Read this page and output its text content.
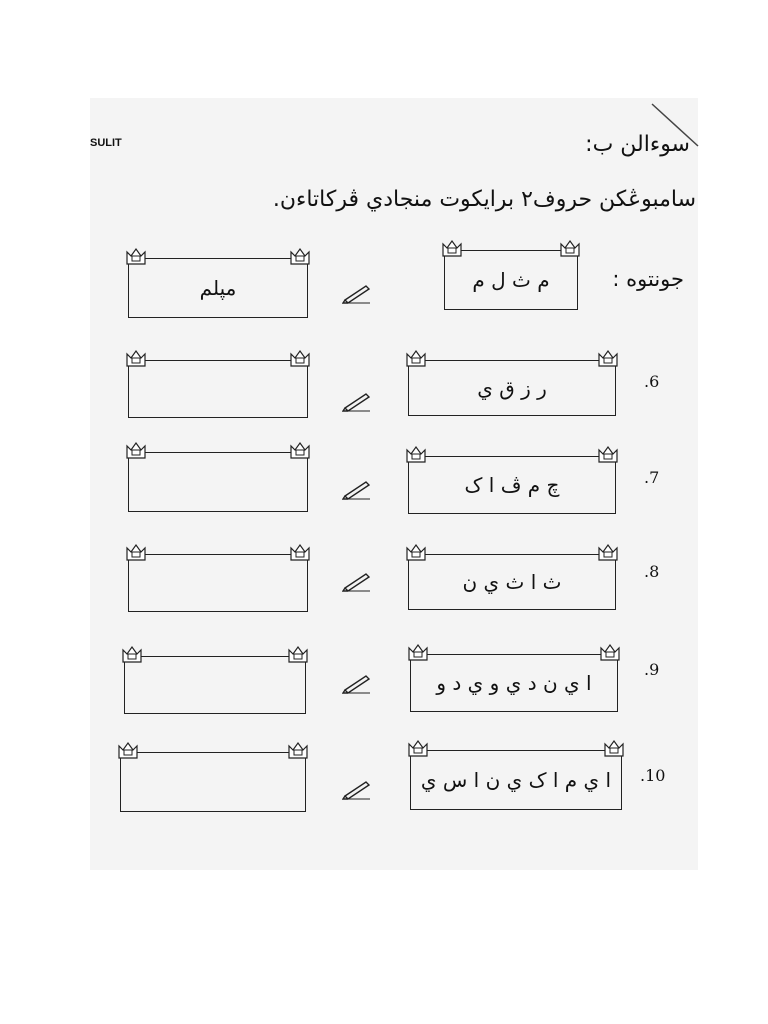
SULIT	سوءالن ب:
سامبوڠكن حروف٢ برايكوت منجادي ڤركاتاءن.
جونتوه :
مپلم	م ث ل م
ر ز ق ي	.6
چ م ڤ ا ک	.7
ث ا ث ي ن	.8
ا ي ن د ي و ي د و
.9
ا ي م ا ک ي ن ا س ي	.10
